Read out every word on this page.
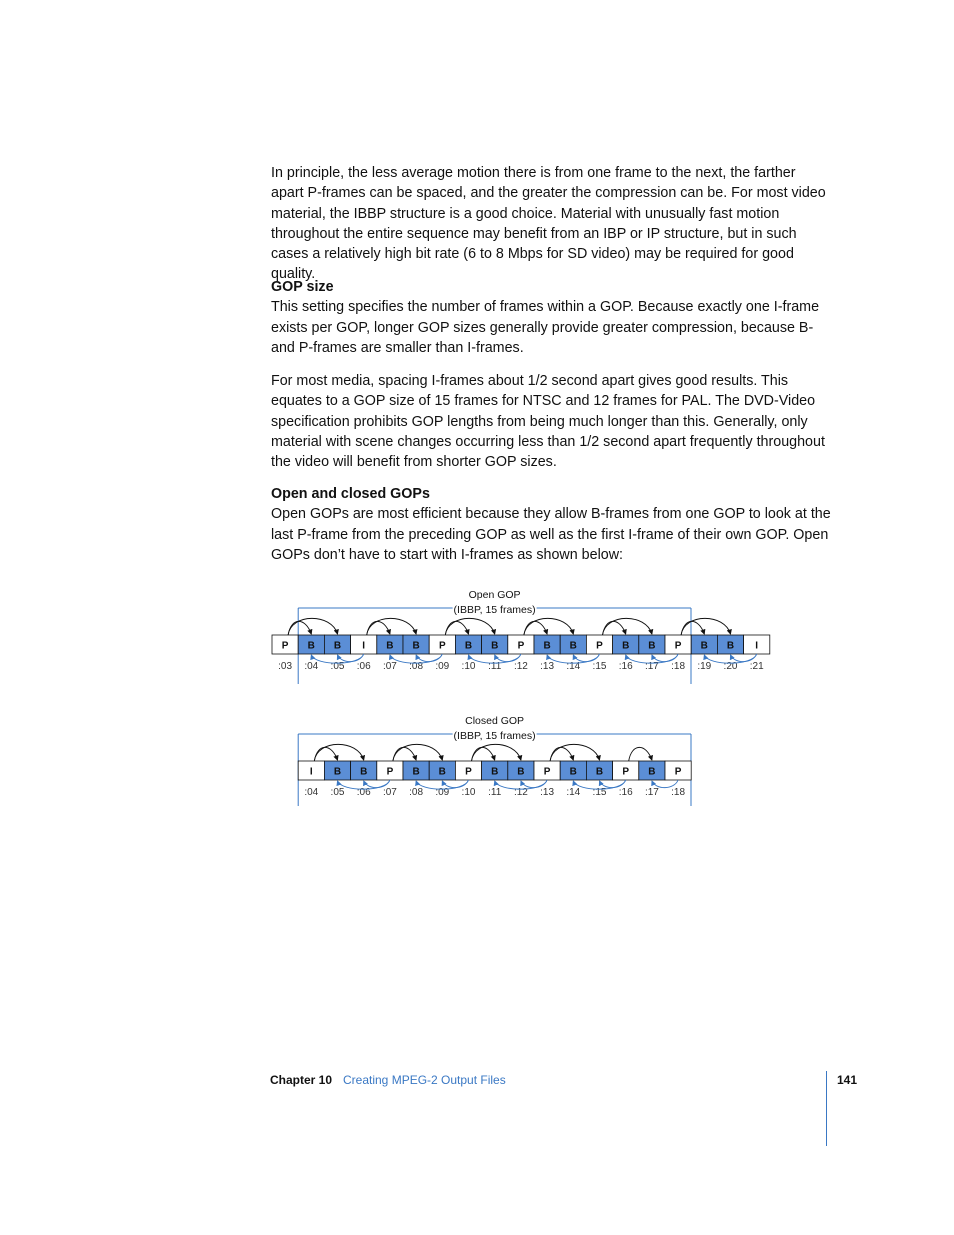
In principle, the less average motion there is from one frame to the next, the farther apart P-frames can be spaced, and the greater the compression can be. For most video material, the IBBP structure is a good choice. Material with unusually fast motion throughout the entire sequence may benefit from an IBP or IP structure, but in such cases a relatively high bit rate (6 to 8 Mbps for SD video) may be required for good quality.

GOP size

This setting specifies the number of frames within a GOP. Because exactly one I-frame exists per GOP, longer GOP sizes generally provide greater compression, because B- and P-frames are smaller than I-frames.

For most media, spacing I-frames about 1/2 second apart gives good results. This equates to a GOP size of 15 frames for NTSC and 12 frames for PAL. The DVD-Video specification prohibits GOP lengths from being much longer than this. Generally, only material with scene changes occurring less than 1/2 second apart frequently throughout the video will benefit from shorter GOP sizes.

Open and closed GOPs

Open GOPs are most efficient because they allow B-frames from one GOP to look at the last P-frame from the preceding GOP as well as the first I-frame of their own GOP. Open GOPs don’t have to start with I-frames as shown below:

Open GOP
(IBBP, 15 frames)
P
:03
B
:04
B
:05
I
:06
B
:07
B
:08
P
:09
B
:10
B
:11
P
:12
B
:13
B
:14
P
:15
B
:16
B
:17
P
:18
B
:19
B
:20
I
:21
Closed GOP
(IBBP, 15 frames)
I
:04
B
:05
B
:06
P
:07
B
:08
B
:09
P
:10
B
:11
B
:12
P
:13
B
:14
B
:15
P
:16
B
:17
P
:18
Chapter 10 Creating MPEG-2 Output Files	141
